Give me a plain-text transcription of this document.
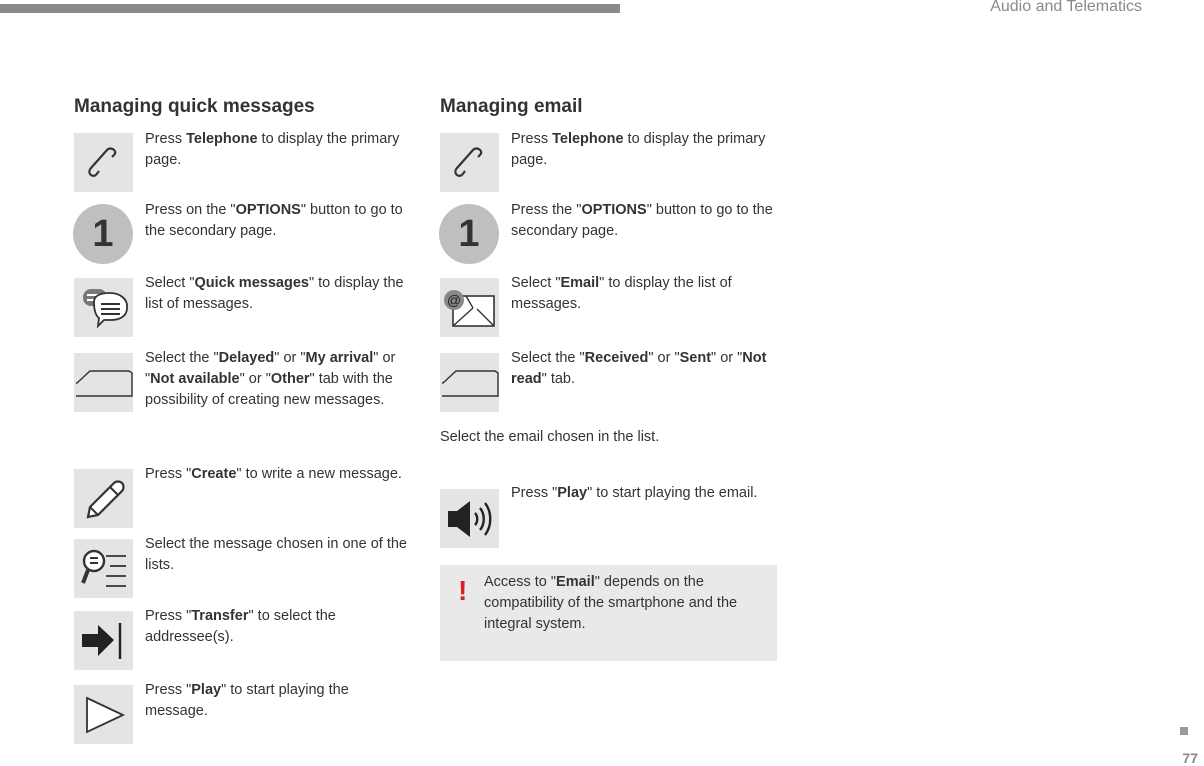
Audio and Telematics
Managing quick messages
Press Telephone to display the primary page.
1
Press on the "OPTIONS" button to go to the secondary page.
Select "Quick messages" to display the list of messages.
Select the "Delayed" or "My arrival" or "Not available" or "Other" tab with the possibility of creating new messages.
Press "Create" to write a new message.
Select the message chosen in one of the lists.
Press "Transfer" to select the addressee(s).
Press "Play" to start playing the message.
Managing email
Press Telephone to display the primary page.
1
Press the "OPTIONS" button to go to the secondary page.
@
Select "Email" to display the list of messages.
Select the "Received" or "Sent" or "Not read" tab.
Select the email chosen in the list.
Press "Play" to start playing the email.
! Access to "Email" depends on the compatibility of the smartphone and the integral system.
77
